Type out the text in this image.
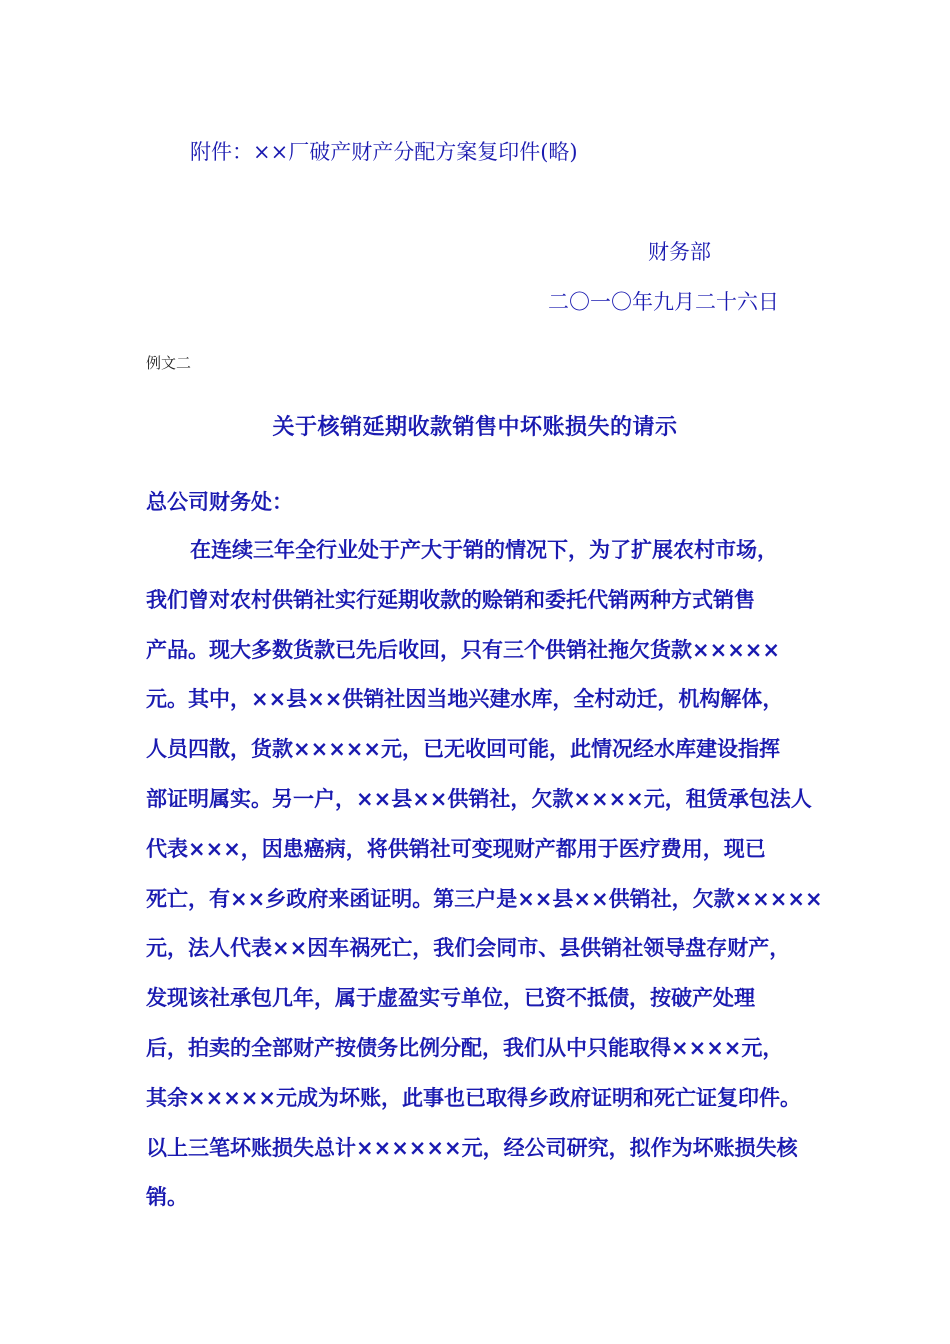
附件：××厂破产财产分配方案复印件(略)
财务部
二〇一〇年九月二十六日
例文二
关于核销延期收款销售中坏账损失的请示
总公司财务处：
在连续三年全行业处于产大于销的情况下，为了扩展农村市场，
我们曾对农村供销社实行延期收款的赊销和委托代销两种方式销售
产品。现大多数货款已先后收回，只有三个供销社拖欠货款×××××
元。其中，××县××供销社因当地兴建水库，全村动迁，机构解体，
人员四散，货款×××××元，已无收回可能，此情况经水库建设指挥
部证明属实。另一户，××县××供销社，欠款××××元，租赁承包法人
代表×××，因患癌病，将供销社可变现财产都用于医疗费用，现已
死亡，有××乡政府来函证明。第三户是××县××供销社，欠款×××××
元，法人代表××因车祸死亡，我们会同市、县供销社领导盘存财产，
发现该社承包几年，属于虚盈实亏单位，已资不抵债，按破产处理
后，拍卖的全部财产按债务比例分配，我们从中只能取得××××元，
其余×××××元成为坏账，此事也已取得乡政府证明和死亡证复印件。
以上三笔坏账损失总计××××××元，经公司研究，拟作为坏账损失核
销。
